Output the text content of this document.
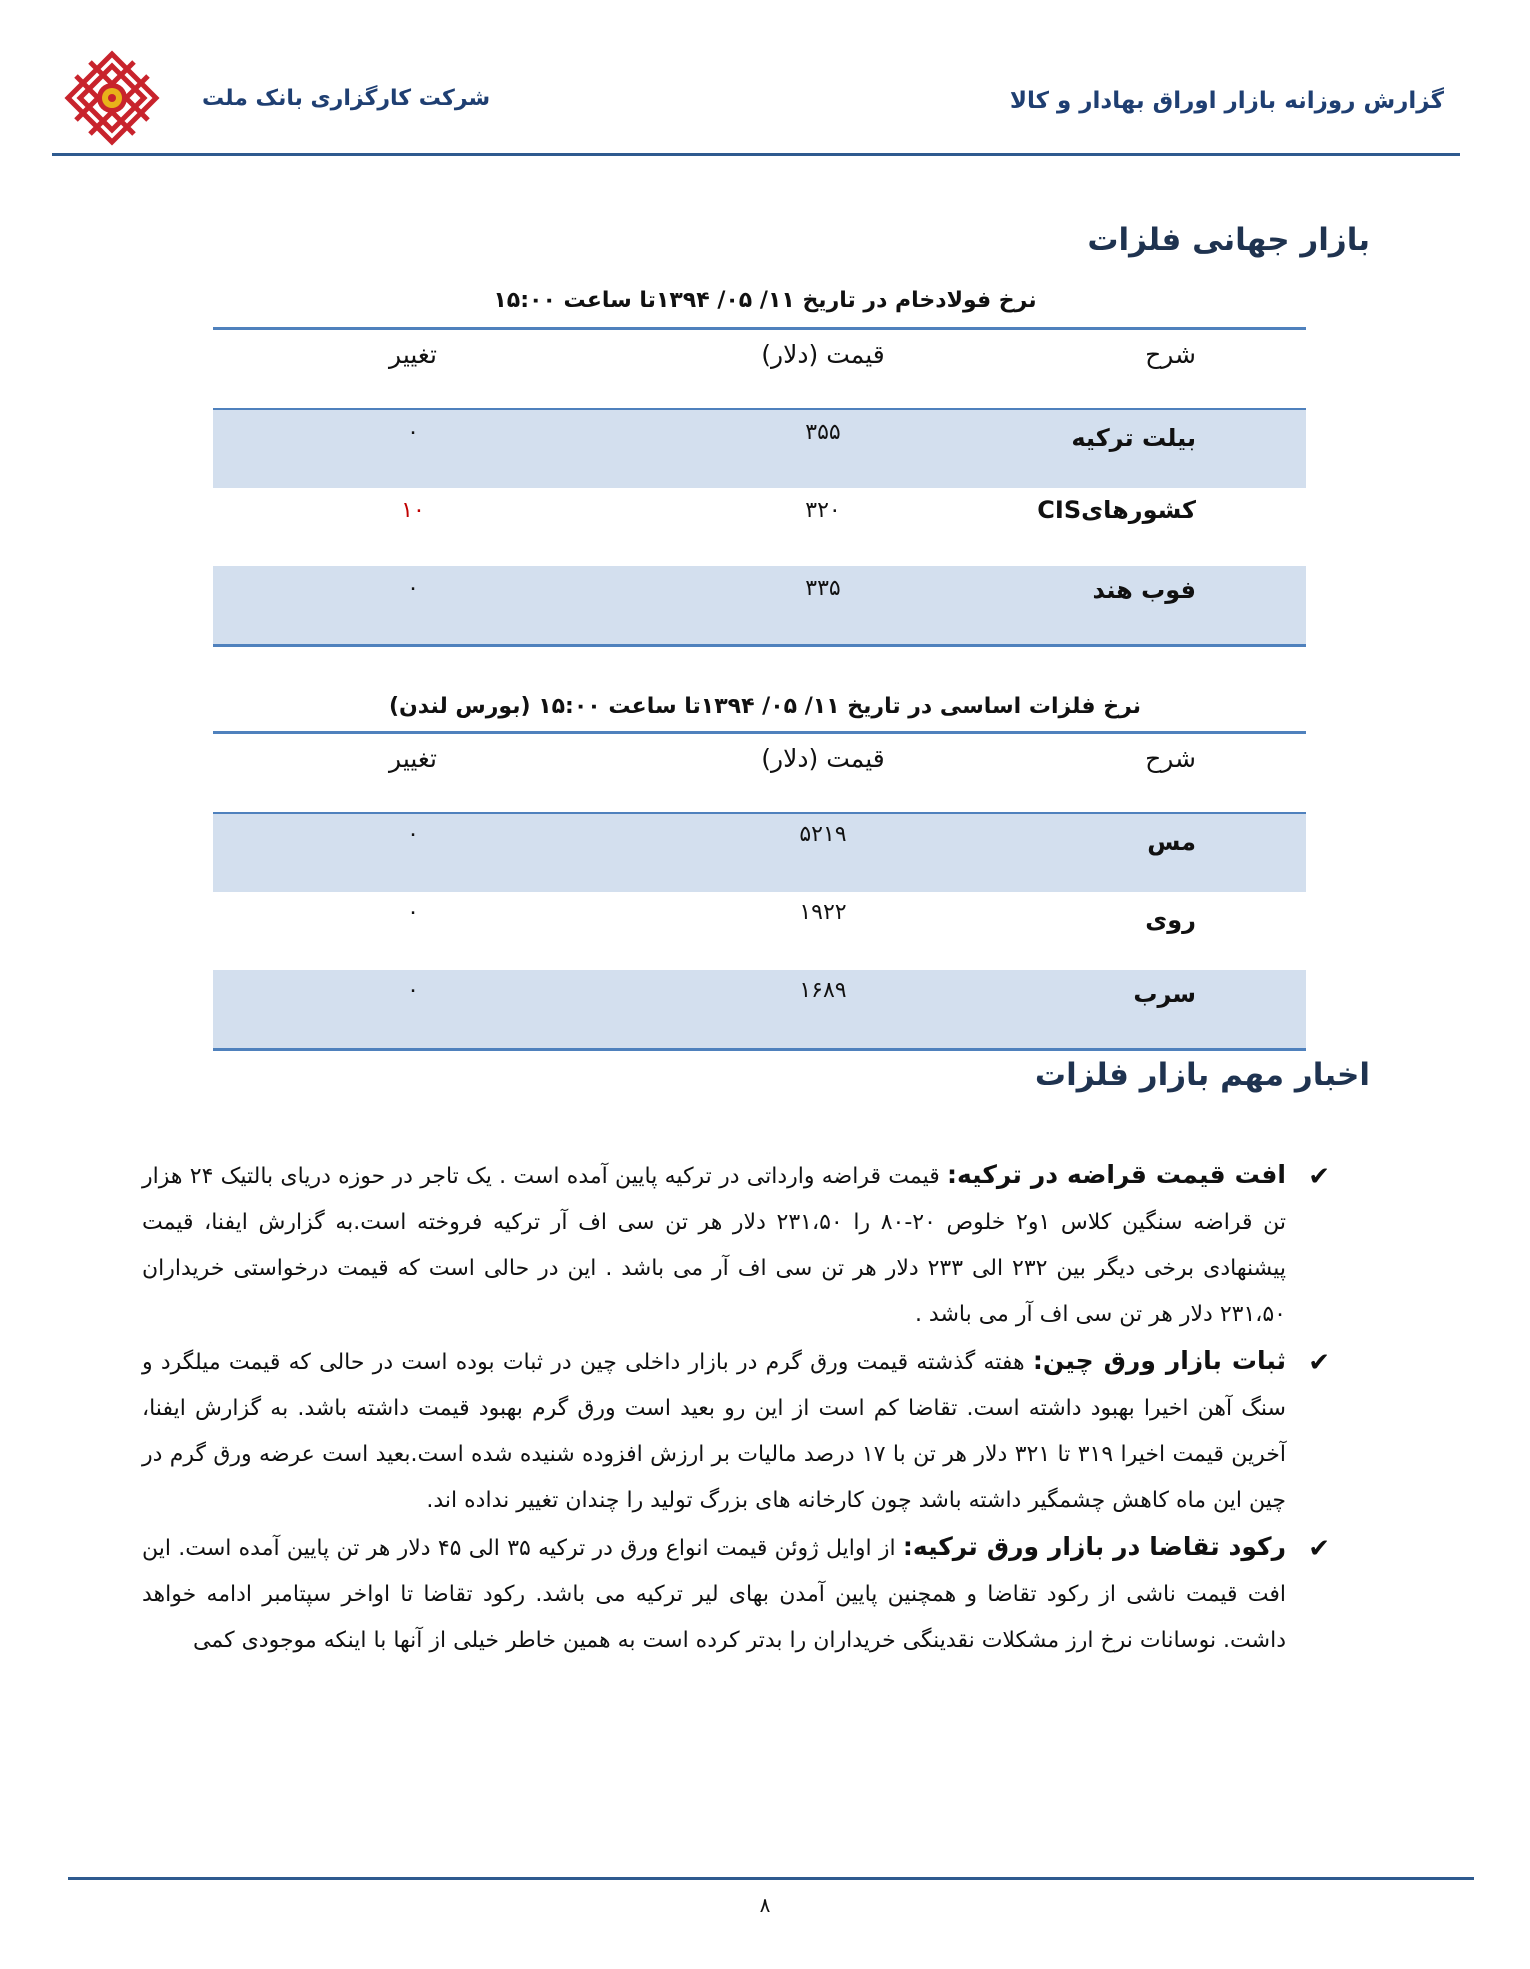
شرکت کارگزاری بانک ملت	گزارش روزانه بازار اوراق بهادار و کالا
بازار جهانی فلزات
نرخ فولادخام در تاریخ ۱۱/ ۰۵/ ۱۳۹۴تا ساعت ۱۵:۰۰
شرح
قیمت (دلار)
تغییر
بیلت ترکیه
۳۵۵
۰
کشورهایCIS
۳۲۰
۱۰
فوب هند
۳۳۵
۰
نرخ فلزات اساسی در تاریخ ۱۱/ ۰۵/ ۱۳۹۴تا ساعت ۱۵:۰۰ (بورس لندن)
شرح
قیمت (دلار)
تغییر
مس
۵۲۱۹
۰
روی
۱۹۲۲
۰
سرب
۱۶۸۹
۰
اخبار مهم بازار فلزات
✔
افت قیمت قراضه در ترکیه: قیمت قراضه وارداتی در ترکیه پایین آمده است . یک تاجر در حوزه دریای بالتیک ۲۴ هزار تن قراضه سنگین کلاس ۱و۲ خلوص ۲۰-۸۰ را ۲۳۱،۵۰ دلار هر تن سی اف آر ترکیه فروخته است.به گزارش ایفنا، قیمت پیشنهادی برخی دیگر بین ۲۳۲ الی ۲۳۳ دلار هر تن سی اف آر می باشد . این در حالی است که قیمت درخواستی خریداران ۲۳۱،۵۰ دلار هر تن سی اف آر می باشد .
✔
ثبات بازار ورق چین: هفته گذشته قیمت ورق گرم در بازار داخلی چین در ثبات بوده است در حالی که قیمت میلگرد و سنگ آهن اخیرا بهبود داشته است. تقاضا کم است از این رو بعید است ورق گرم بهبود قیمت داشته باشد. به گزارش ایفنا، آخرین قیمت اخیرا ۳۱۹ تا ۳۲۱ دلار هر تن با ۱۷ درصد مالیات بر ارزش افزوده شنیده شده است.بعید است عرضه ورق گرم در چین این ماه کاهش چشمگیر داشته باشد چون کارخانه های بزرگ تولید را چندان تغییر نداده اند.
✔
رکود تقاضا در بازار ورق ترکیه: از اوایل ژوئن قیمت انواع ورق در ترکیه ۳۵ الی ۴۵ دلار هر تن پایین آمده است. این افت قیمت ناشی از رکود تقاضا و همچنین پایین آمدن بهای لیر ترکیه می باشد. رکود تقاضا تا اواخر سپتامبر ادامه خواهد داشت. نوسانات نرخ ارز مشکلات نقدینگی خریداران را بدتر کرده است به همین خاطر خیلی از آنها با اینکه موجودی کمی
۸
